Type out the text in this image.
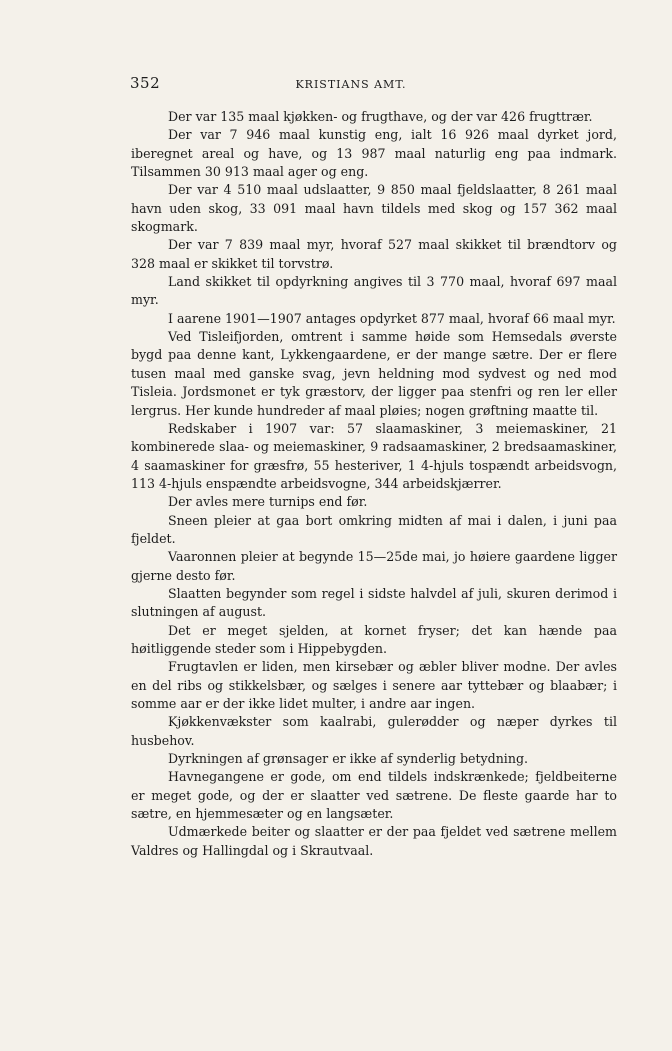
352	KRISTIANS AMT.

Der var 135 maal kjøkken- og frugthave, og der var 426 frugttrær.

Der var 7 946 maal kunstig eng, ialt 16 926 maal dyrket jord, iberegnet areal og have, og 13 987 maal naturlig eng paa indmark. Tilsammen 30 913 maal ager og eng.

Der var 4 510 maal udslaatter, 9 850 maal fjeldslaatter, 8 261 maal havn uden skog, 33 091 maal havn tildels med skog og 157 362 maal skogmark.

Der var 7 839 maal myr, hvoraf 527 maal skikket til brændtorv og 328 maal er skikket til torvstrø.

Land skikket til opdyrkning angives til 3 770 maal, hvoraf 697 maal myr.

I aarene 1901—1907 antages opdyrket 877 maal, hvoraf 66 maal myr.

Ved Tisleifjorden, omtrent i samme høide som Hemsedals øverste bygd paa denne kant, Lykkengaardene, er der mange sætre. Der er flere tusen maal med ganske svag, jevn heldning mod sydvest og ned mod Tisleia. Jordsmonet er tyk græstorv, der ligger paa stenfri og ren ler eller lergrus. Her kunde hundreder af maal pløies; nogen grøftning maatte til.

Redskaber i 1907 var: 57 slaamaskiner, 3 meiemaskiner, 21 kombinerede slaa- og meiemaskiner, 9 radsaamaskiner, 2 bredsaamaskiner, 4 saamaskiner for græsfrø, 55 hesteriver, 1 4-hjuls tospændt arbeidsvogn, 113 4-hjuls enspændte arbeidsvogne, 344 arbeidskjærrer.

Der avles mere turnips end før.

Sneen pleier at gaa bort omkring midten af mai i dalen, i juni paa fjeldet.

Vaaronnen pleier at begynde 15—25de mai, jo høiere gaardene ligger gjerne desto før.

Slaatten begynder som regel i sidste halvdel af juli, skuren derimod i slutningen af august.

Det er meget sjelden, at kornet fryser; det kan hænde paa høitliggende steder som i Hippebygden.

Frugtavlen er liden, men kirsebær og æbler bliver modne. Der avles en del ribs og stikkelsbær, og sælges i senere aar tyttebær og blaabær; i somme aar er der ikke lidet multer, i andre aar ingen.

Kjøkkenvækster som kaalrabi, gulerødder og næper dyrkes til husbehov.

Dyrkningen af grønsager er ikke af synderlig betydning.

Havnegangene er gode, om end tildels indskrænkede; fjeldbeiterne er meget gode, og der er slaatter ved sætrene. De fleste gaarde har to sætre, en hjemmesæter og en langsæter.

Udmærkede beiter og slaatter er der paa fjeldet ved sætrene mellem Valdres og Hallingdal og i Skrautvaal.
